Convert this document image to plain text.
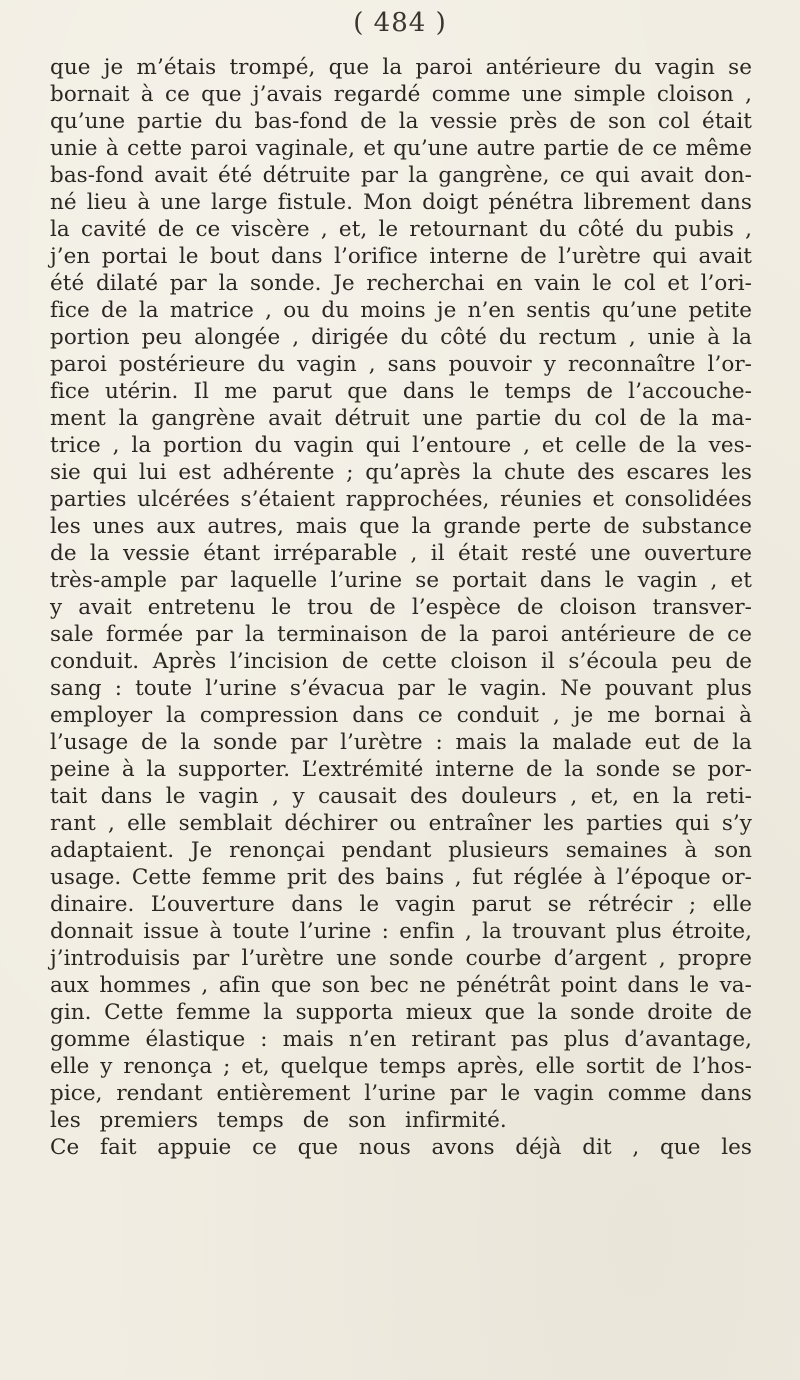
( 484 )
que je m’étais trompé, que la paroi antérieure du vagin se
bornait à ce que j’avais regardé comme une simple cloison ,
qu’une partie du bas-fond de la vessie près de son col était
unie à cette paroi vaginale, et qu’une autre partie de ce même
bas-fond avait été détruite par la gangrène, ce qui avait don-
né lieu à une large fistule. Mon doigt pénétra librement dans
la cavité de ce viscère , et, le retournant du côté du pubis ,
j’en portai le bout dans l’orifice interne de l’urètre qui avait
été dilaté par la sonde. Je recherchai en vain le col et l’ori-
fice de la matrice , ou du moins je n’en sentis qu’une petite
portion peu alongée , dirigée du côté du rectum , unie à la
paroi postérieure du vagin , sans pouvoir y reconnaître l’or-
fice utérin. Il me parut que dans le temps de l’accouche-
ment la gangrène avait détruit une partie du col de la ma-
trice , la portion du vagin qui l’entoure , et celle de la ves-
sie qui lui est adhérente ; qu’après la chute des escares les
parties ulcérées s’étaient rapprochées, réunies et consolidées
les unes aux autres, mais que la grande perte de substance
de la vessie étant irréparable , il était resté une ouverture
très-ample par laquelle l’urine se portait dans le vagin , et
y avait entretenu le trou de l’espèce de cloison transver-
sale formée par la terminaison de la paroi antérieure de ce
conduit. Après l’incision de cette cloison il s’écoula peu de
sang : toute l’urine s’évacua par le vagin. Ne pouvant plus
employer la compression dans ce conduit , je me bornai à
l’usage de la sonde par l’urètre : mais la malade eut de la
peine à la supporter. L’extrémité interne de la sonde se por-
tait dans le vagin , y causait des douleurs , et, en la reti-
rant , elle semblait déchirer ou entraîner les parties qui s’y
adaptaient. Je renonçai pendant plusieurs semaines à son
usage. Cette femme prit des bains , fut réglée à l’époque or-
dinaire. L’ouverture dans le vagin parut se rétrécir ; elle
donnait issue à toute l’urine : enfin , la trouvant plus étroite,
j’introduisis par l’urètre une sonde courbe d’argent , propre
aux hommes , afin que son bec ne pénétrât point dans le va-
gin. Cette femme la supporta mieux que la sonde droite de
gomme élastique : mais n’en retirant pas plus d’avantage,
elle y renonça ; et, quelque temps après, elle sortit de l’hos-
pice, rendant entièrement l’urine par le vagin comme dans
les premiers temps de son infirmité.
Ce fait appuie ce que nous avons déjà dit , que les
